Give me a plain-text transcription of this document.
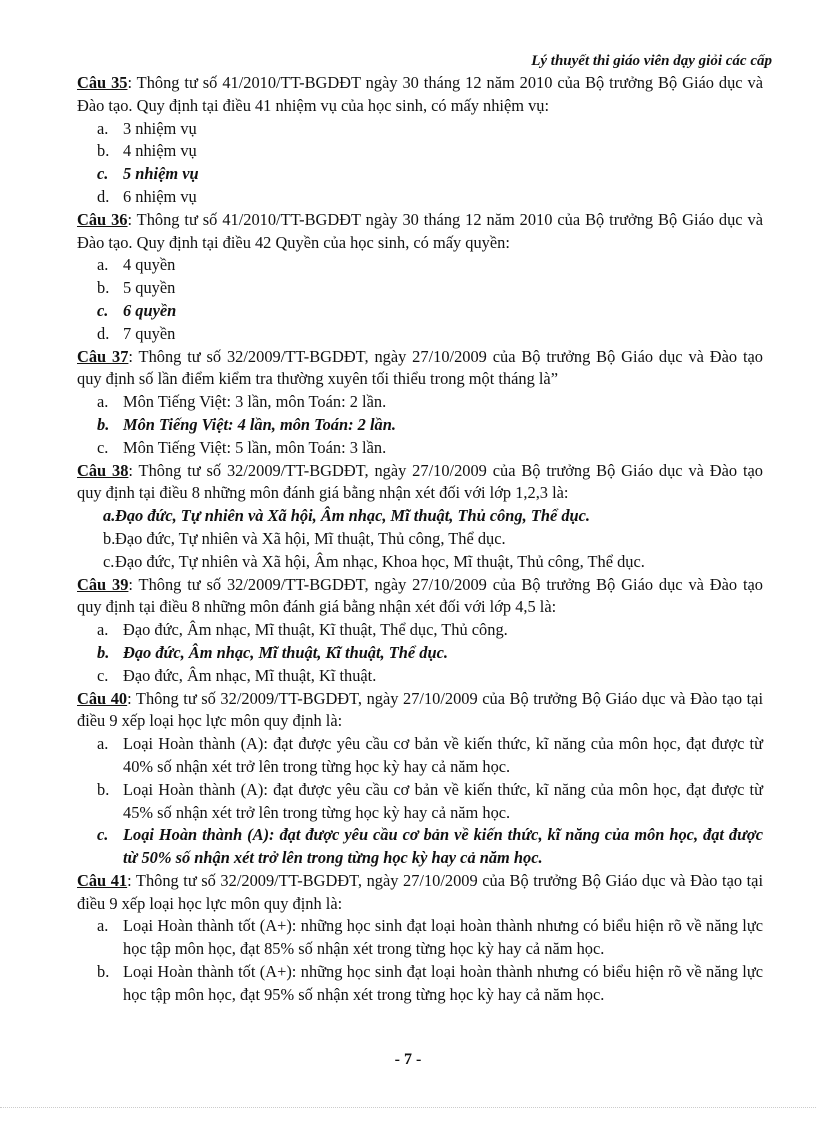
Lý thuyết thi giáo viên dạy giỏi các cấp
Câu 35: Thông tư số 41/2010/TT-BGDĐT ngày 30 tháng 12 năm 2010 của Bộ trưởng Bộ Giáo dục và Đào tạo. Quy định tại điều 41 nhiệm vụ của học sinh, có mấy nhiệm vụ:
a. 3 nhiệm vụ
b. 4 nhiệm vụ
c. 5 nhiệm vụ
d. 6 nhiệm vụ
Câu 36: Thông tư số 41/2010/TT-BGDĐT ngày 30 tháng 12 năm 2010 của Bộ trưởng Bộ Giáo dục và Đào tạo. Quy định tại điều 42 Quyền của học sinh, có mấy quyền:
a. 4 quyền
b. 5 quyền
c. 6 quyền
d. 7 quyền
Câu 37: Thông tư số 32/2009/TT-BGDĐT, ngày 27/10/2009 của Bộ trưởng Bộ Giáo dục và Đào tạo quy định số lần điểm kiểm tra thường xuyên tối thiểu trong một tháng là”
a. Môn Tiếng Việt: 3 lần, môn Toán: 2 lần.
b. Môn Tiếng Việt: 4 lần, môn Toán: 2 lần.
c. Môn Tiếng Việt: 5 lần, môn Toán: 3 lần.
Câu 38: Thông tư số 32/2009/TT-BGDĐT, ngày 27/10/2009 của Bộ trưởng Bộ Giáo dục và Đào tạo quy định tại điều 8 những môn đánh giá bằng nhận xét đối với lớp 1,2,3 là:
a. Đạo đức, Tự nhiên và Xã hội, Âm nhạc, Mĩ thuật, Thủ công, Thể dục.
b. Đạo đức, Tự nhiên và Xã hội, Mĩ thuật, Thủ công, Thể dục.
c. Đạo đức, Tự nhiên và Xã hội, Âm nhạc, Khoa học, Mĩ thuật, Thủ công, Thể dục.
Câu 39: Thông tư số 32/2009/TT-BGDĐT, ngày 27/10/2009 của Bộ trưởng Bộ Giáo dục và Đào tạo quy định tại điều 8 những môn đánh giá bằng nhận xét đối với lớp 4,5 là:
a. Đạo đức, Âm nhạc, Mĩ thuật, Kĩ thuật, Thể dục, Thủ công.
b. Đạo đức, Âm nhạc, Mĩ thuật, Kĩ thuật, Thể dục.
c. Đạo đức, Âm nhạc, Mĩ thuật, Kĩ thuật.
Câu 40: Thông tư số 32/2009/TT-BGDĐT, ngày 27/10/2009 của Bộ trưởng Bộ Giáo dục và Đào tạo tại điều 9 xếp loại học lực môn quy định là:
a. Loại Hoàn thành (A): đạt được yêu cầu cơ bản về kiến thức, kĩ năng của môn học, đạt được từ 40% số nhận xét trở lên trong từng học kỳ hay cả năm học.
b. Loại Hoàn thành (A): đạt được yêu cầu cơ bản về kiến thức, kĩ năng của môn học, đạt được từ 45% số nhận xét trở lên trong từng học kỳ hay cả năm học.
c. Loại Hoàn thành (A): đạt được yêu cầu cơ bản về kiến thức, kĩ năng của môn học, đạt được từ 50% số nhận xét trở lên trong từng học kỳ hay cả năm học.
Câu 41: Thông tư số 32/2009/TT-BGDĐT, ngày 27/10/2009 của Bộ trưởng Bộ Giáo dục và Đào tạo tại điều 9 xếp loại học lực môn quy định là:
a. Loại Hoàn thành tốt (A+): những học sinh đạt loại hoàn thành nhưng có biểu hiện rõ về năng lực học tập môn học, đạt 85% số nhận xét trong từng học kỳ hay cả năm học.
b. Loại Hoàn thành tốt (A+): những học sinh đạt loại hoàn thành nhưng có biểu hiện rõ về năng lực học tập môn học, đạt 95% số nhận xét trong từng học kỳ hay cả năm học.
- 7 -
